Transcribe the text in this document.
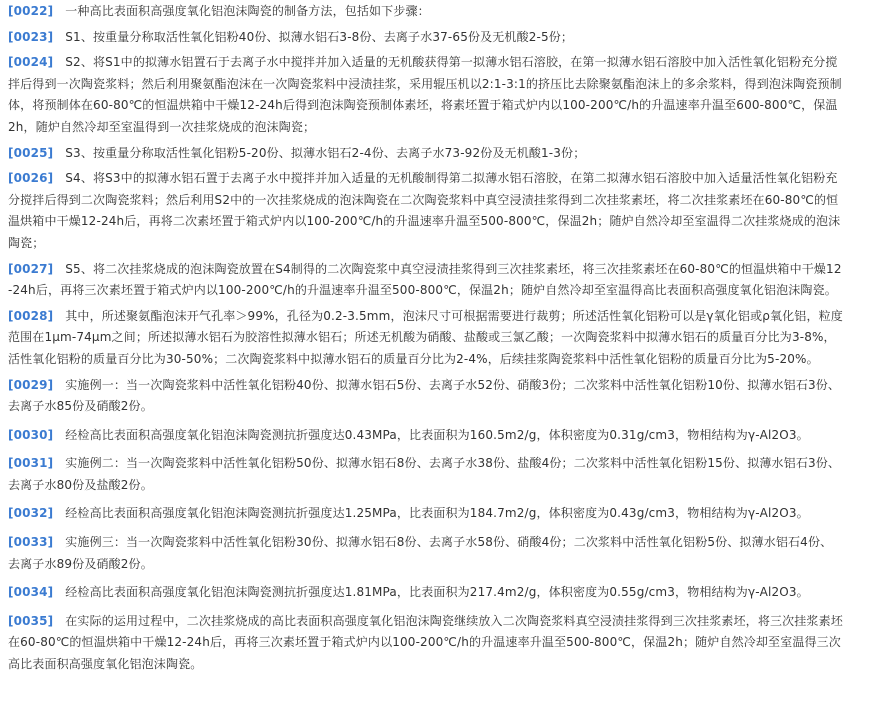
[0022] 一种高比表面积高强度氧化铝泡沫陶瓷的制备方法，包括如下步骤：

[0023] S1、按重量分称取活性氧化铝粉40份、拟薄水铝石3-8份、去离子水37-65份及无机酸2-5份；

[0024] S2、将S1中的拟薄水铝置石于去离子水中搅拌并加入适量的无机酸获得第一拟薄水铝石溶胶，在第一拟薄水铝石溶胶中加入活性氧化铝粉充分搅拌后得到一次陶瓷浆料；然后利用聚氨酯泡沫在一次陶瓷浆料中浸渍挂浆，采用辊压机以2:1-3:1的挤压比去除聚氨酯泡沫上的多余浆料，得到泡沫陶瓷预制体，将预制体在60-80℃的恒温烘箱中干燥12-24h后得到泡沫陶瓷预制体素坯，将素坯置于箱式炉内以100-200℃/h的升温速率升温至600-800℃，保温2h，随炉自然冷却至室温得到一次挂浆烧成的泡沫陶瓷；

[0025] S3、按重量分称取活性氧化铝粉5-20份、拟薄水铝石2-4份、去离子水73-92份及无机酸1-3份；

[0026] S4、将S3中的拟薄水铝石置于去离子水中搅拌并加入适量的无机酸制得第二拟薄水铝石溶胶，在第二拟薄水铝石溶胶中加入适量活性氧化铝粉充分搅拌后得到二次陶瓷浆料；然后利用S2中的一次挂浆烧成的泡沫陶瓷在二次陶瓷浆料中真空浸渍挂浆得到二次挂浆素坯，将二次挂浆素坯在60-80℃的恒温烘箱中干燥12-24h后，再将二次素坯置于箱式炉内以100-200℃/h的升温速率升温至500-800℃，保温2h；随炉自然冷却至室温得二次挂浆烧成的泡沫陶瓷；

[0027] S5、将二次挂浆烧成的泡沫陶瓷放置在S4制得的二次陶瓷浆中真空浸渍挂浆得到三次挂浆素坯，将三次挂浆素坯在60-80℃的恒温烘箱中干燥12-24h后，再将三次素坯置于箱式炉内以100-200℃/h的升温速率升温至500-800℃，保温2h；随炉自然冷却至室温得高比表面积高强度氧化铝泡沫陶瓷。

[0028] 其中，所述聚氨酯泡沫开气孔率＞99%，孔径为0.2-3.5mm，泡沫尺寸可根据需要进行裁剪；所述活性氧化铝粉可以是γ氧化铝或ρ氧化铝，粒度范围在1μm-74μm之间；所述拟薄水铝石为胶溶性拟薄水铝石；所述无机酸为硝酸、盐酸或三氯乙酸；一次陶瓷浆料中拟薄水铝石的质量百分比为3-8%，活性氧化铝粉的质量百分比为30-50%；二次陶瓷浆料中拟薄水铝石的质量百分比为2-4%，后续挂浆陶瓷浆料中活性氧化铝粉的质量百分比为5-20%。

[0029] 实施例一：当一次陶瓷浆料中活性氧化铝粉40份、拟薄水铝石5份、去离子水52份、硝酸3份；二次浆料中活性氧化铝粉10份、拟薄水铝石3份、去离子水85份及硝酸2份。

[0030] 经检高比表面积高强度氧化铝泡沫陶瓷测抗折强度达0.43MPa，比表面积为160.5m2/g，体积密度为0.31g/cm3，物相结构为γ-Al2O3。

[0031] 实施例二：当一次陶瓷浆料中活性氧化铝粉50份、拟薄水铝石8份、去离子水38份、盐酸4份；二次浆料中活性氧化铝粉15份、拟薄水铝石3份、去离子水80份及盐酸2份。

[0032] 经检高比表面积高强度氧化铝泡沫陶瓷测抗折强度达1.25MPa，比表面积为184.7m2/g，体积密度为0.43g/cm3，物相结构为γ-Al2O3。

[0033] 实施例三：当一次陶瓷浆料中活性氧化铝粉30份、拟薄水铝石8份、去离子水58份、硝酸4份；二次浆料中活性氧化铝粉5份、拟薄水铝石4份、去离子水89份及硝酸2份。

[0034] 经检高比表面积高强度氧化铝泡沫陶瓷测抗折强度达1.81MPa，比表面积为217.4m2/g，体积密度为0.55g/cm3，物相结构为γ-Al2O3。

[0035] 在实际的运用过程中，二次挂浆烧成的高比表面积高强度氧化铝泡沫陶瓷继续放入二次陶瓷浆料真空浸渍挂浆得到三次挂浆素坯，将三次挂浆素坯在60-80℃的恒温烘箱中干燥12-24h后，再将三次素坯置于箱式炉内以100-200℃/h的升温速率升温至500-800℃，保温2h；随炉自然冷却至室温得三次高比表面积高强度氧化铝泡沫陶瓷。
